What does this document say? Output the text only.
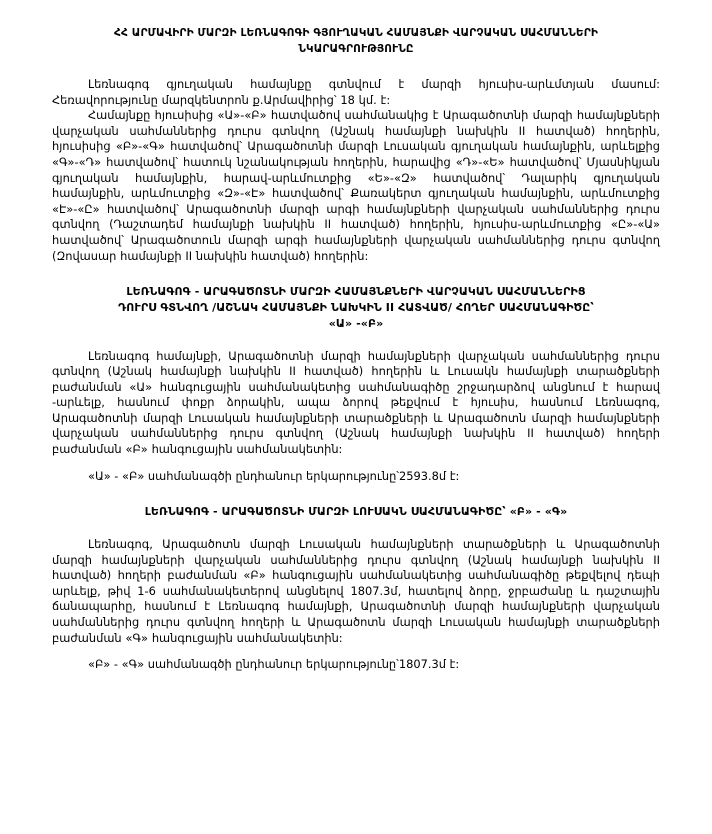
ՀՀ ԱՐՄԱՎԻՐԻ ՄԱՐԶԻ ԼԵՌՆԱԳՈԳԻ ԳՅՈՒՂԱԿԱՆ ՀԱՄԱՅՆՔԻ ՎԱՐՉԱԿԱՆ ՍԱՀՄԱՆՆԵՐԻ
ՆԿԱՐԱԳՐՈՒԹՅՈՒՆԸ

Լեռնագոգ գյուղական համայնքը գտնվում է մարզի հյուսիս-արևմտյան մասում: Հեռավորությունը մարզկենտրոն ք.Արմավիրից՝ 18 կմ. է:

Համայնքը հյուսիսից «Ա»-«Բ» հատվածով սահմանակից է Արագածոտնի մարզի համայնքների վարչական սահմաններից դուրս գտնվող (Աշնակ համայնքի նախկին II հատված) հողերին, հյուսիսից «Բ»-«Գ» հատվածով՝ Արագածոտնի մարզի Լուսական գյուղական համայնքին, արևելքից «Գ»-«Դ» հատվածով՝ հատուկ նշանակության հողերին, հարավից «Դ»-«Ե» հատվածով՝ Մյասնիկյան գյուղական համայնքին, հարավ-արևմուտքից «Ե»-«Զ» հատվածով՝ Դալարիկ գյուղական համայնքին, արևմուտքից «Զ»-«Է» հատվածով՝ Քառակերտ գյուղական համայնքին, արևմուտքից «Է»-«Ը» հատվածով՝ Արագածոտնի մարզի արգի համայնքների վարչական սահմաններից դուրս գտնվող (Դաշտադեմ համայնքի նախկին II հատված) հողերին, հյուսիս-արևմուտքից «Ը»-«Ա» հատվածով՝ Արագածոտուն մարզի արգի համայնքների վարչական սահմաններից դուրս գտնվող (Զովասար համայնքի II նախկին հատված) հողերին:

ԼԵՌՆԱԳՈԳ - ԱՐԱԳԱԾՈՏՆԻ ՄԱՐԶԻ ՀԱՄԱՅՆՔՆԵՐԻ ՎԱՐՉԱԿԱՆ ՍԱՀՄԱՆՆԵՐԻՑ
ԴՈՒՐՍ ԳՏՆՎՈՂ /ԱՇՆԱԿ ՀԱՄԱՅՆՔԻ ՆԱԽԿԻՆ II ՀԱՏՎԱԾ/ ՀՈՂԵՐ ՍԱՀՄԱՆԱԳԻԾԸ՝
«Ա» -«Բ»

Լեռնագոգ համայնքի, Արագածոտնի մարզի համայնքների վարչական սահմաններից դուրս գտնվող (Աշնակ համայնքի նախկին II հատված) հողերին և Լուսակն համայնքի տարածքների բաժանման «Ա» հանգուցային սահմանակետից սահմանագիծը շրջադարձով անցնում է հարավ -արևելք, հասնում փոքր ձորակին, ապա ձորով թեքվում է հյուսիս, հասնում Լեռնագոգ, Արագածոտնի մարզի Լուսական համայնքների տարածքների և Արագածոտն մարզի համայնքների վարչական սահմաններից դուրս գտնվող (Աշնակ համայնքի նախկին II հատված) հողերի բաժանման «Բ» հանգուցային սահմանակետին:

«Ա» - «Բ» սահմանագծի ընդհանուր երկարությունը՝2593.8մ է:

ԼԵՌՆԱԳՈԳ - ԱՐԱԳԱԾՈՏՆԻ ՄԱՐԶԻ ԼՈՒՍԱԿՆ ՍԱՀՄԱՆԱԳԻԾԸ՝ «Բ» - «Գ»

Լեռնագոգ, Արագածոտն մարզի Լուսական համայնքների տարածքների և Արագածոտնի մարզի համայնքների վարչական սահմաններից դուրս գտնվող (Աշնակ համայնքի նախկին II հատված) հողերի բաժանման «Բ» հանգուցային սահմանակետից սահմանագիծը թեքվելով դեպի արևելք, թիվ 1-6 սահմանակետերով անցնելով 1807.3մ, հատելով ձորը, ջրբաժանը և դաշտային ճանապարհը, հասնում է Լեռնագոգ համայնքի, Արագածոտնի մարզի համայնքների վարչական սահմաններից դուրս գտնվող հողերի և Արագածոտն մարզի Լուսական համայնքի տարածքների բաժանման «Գ» հանգուցային սահմանակետին:

«Բ» - «Գ» սահմանագծի ընդհանուր երկարությունը՝1807.3մ է:
